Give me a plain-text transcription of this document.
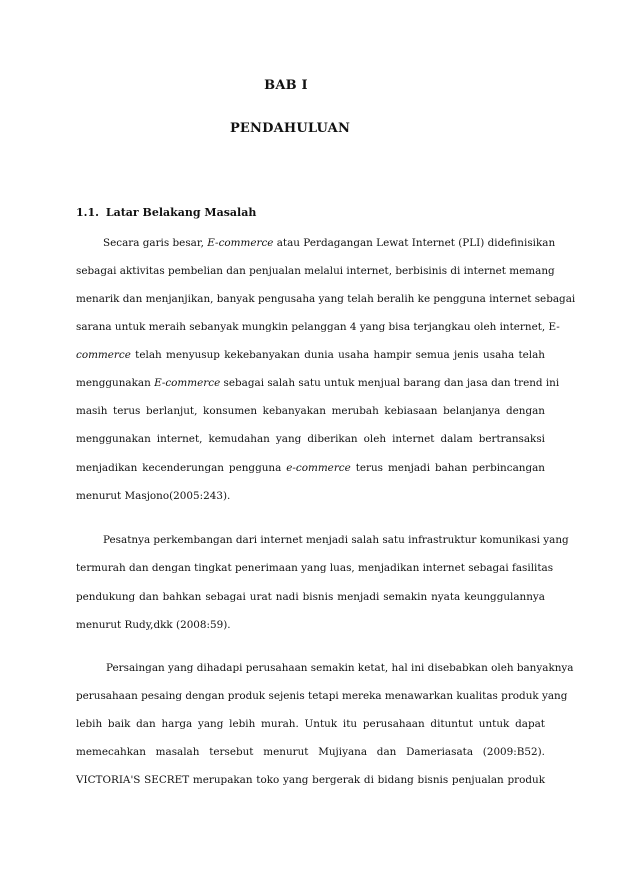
BAB I
PENDAHULUAN
1.1. Latar Belakang Masalah
Secara garis besar, E-commerce atau Perdagangan Lewat Internet (PLI) didefinisikan
sebagai aktivitas pembelian dan penjualan melalui internet, berbisinis di internet memang
menarik dan menjanjikan, banyak pengusaha yang telah beralih ke pengguna internet sebagai
sarana untuk meraih sebanyak mungkin pelanggan 4 yang bisa terjangkau oleh internet, E-
commerce telah menyusup kekebanyakan dunia usaha hampir semua jenis usaha telah
menggunakan E-commerce sebagai salah satu untuk menjual barang dan jasa dan trend ini
masih terus berlanjut, konsumen kebanyakan merubah kebiasaan belanjanya dengan
menggunakan internet, kemudahan yang diberikan oleh internet dalam bertransaksi
menjadikan kecenderungan pengguna e-commerce terus menjadi bahan perbincangan
menurut Masjono(2005:243).
Pesatnya perkembangan dari internet menjadi salah satu infrastruktur komunikasi yang
termurah dan dengan tingkat penerimaan yang luas, menjadikan internet sebagai fasilitas
pendukung dan bahkan sebagai urat nadi bisnis menjadi semakin nyata keunggulannya
menurut Rudy,dkk (2008:59).
Persaingan yang dihadapi perusahaan semakin ketat, hal ini disebabkan oleh banyaknya
perusahaan pesaing dengan produk sejenis tetapi mereka menawarkan kualitas produk yang
lebih baik dan harga yang lebih murah. Untuk itu perusahaan dituntut untuk dapat
memecahkan masalah tersebut menurut Mujiyana dan Dameriasata (2009:B52).
VICTORIA'S SECRET merupakan toko yang bergerak di bidang bisnis penjualan produk
